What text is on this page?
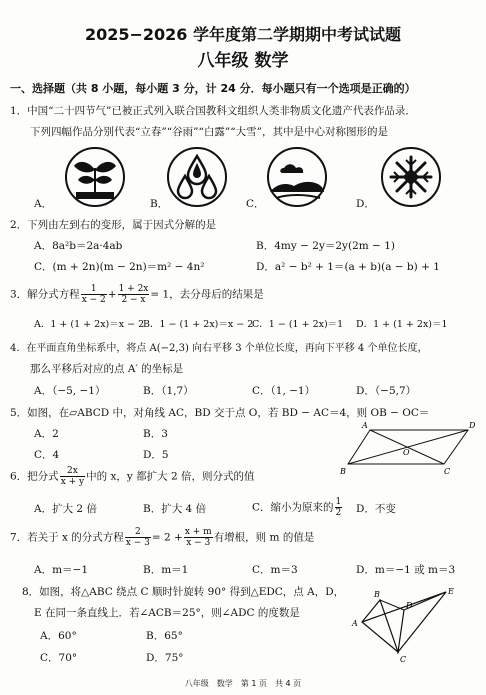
2025−2026 学年度第二学期期中考试试题
八年级 数学
一、选择题（共 8 小题，每小题 3 分，计 24 分．每小题只有一个选项是正确的）
1．中国“二十四节气”已被正式列入联合国教科文组织人类非物质文化遗产代表作品录．
下列四幅作品分别代表“立春”“谷雨”“白露”“大雪”，其中是中心对称图形的是
A．	B．	C．	D．
2．下列由左到右的变形，属于因式分解的是
A．8a²b＝2a·4ab	B．4my − 2y＝2y(2m − 1)
C．(m + 2n)(m − 2n)＝m² − 4n²	D．a² − b² + 1＝(a + b)(a − b) + 1
3．解分式方程 $\frac{1}{x - 2} + \frac{1 + 2x}{2 - x} = 1$，去分母后的结果是
A．1 + (1 + 2x)＝x − 2
B．1 − (1 + 2x)＝x − 2
C．1 − (1 + 2x)＝1 D．1 + (1 + 2x)＝1
4．在平面直角坐标系中，将点 A(−2,3) 向右平移 3 个单位长度，再向下平移 4 个单位长度，
那么平移后对应的点 A′ 的坐标是
A．（−5, −1）	B．（1,7）	C．（1, −1）	D．（−5,7）
5．如图，在▱ABCD 中，对角线 AC，BD 交于点 O，若 BD − AC＝4，则 OB − OC＝
A．2	B．3
C．4	D．5
A	D
B	C
O
6．把分式 $\frac{2x}{x + y}$ 中的 x，y 都扩大 2 倍，则分式的值
A．扩大 2 倍	B．扩大 4 倍	C．缩小为原来的 $\frac{1}{2}$ D．不变
7．若关于 x 的分式方程 $\frac{2}{x - 3} = 2 + \frac{x + m}{x - 3}$ 有增根，则 m 的值是
A．m＝−1	B．m＝1	C．m＝3	D．m＝−1 或 m＝3
8．如图，将△ABC 绕点 C 顺时针旋转 90° 得到△EDC，点 A，D，
E 在同一条直线上．若∠ACB＝25°，则∠ADC 的度数是
A．60°	B．65°
C．70°	D．75°
A
B
C
D
E
八年级　数学　第 1 页　共 4 页
